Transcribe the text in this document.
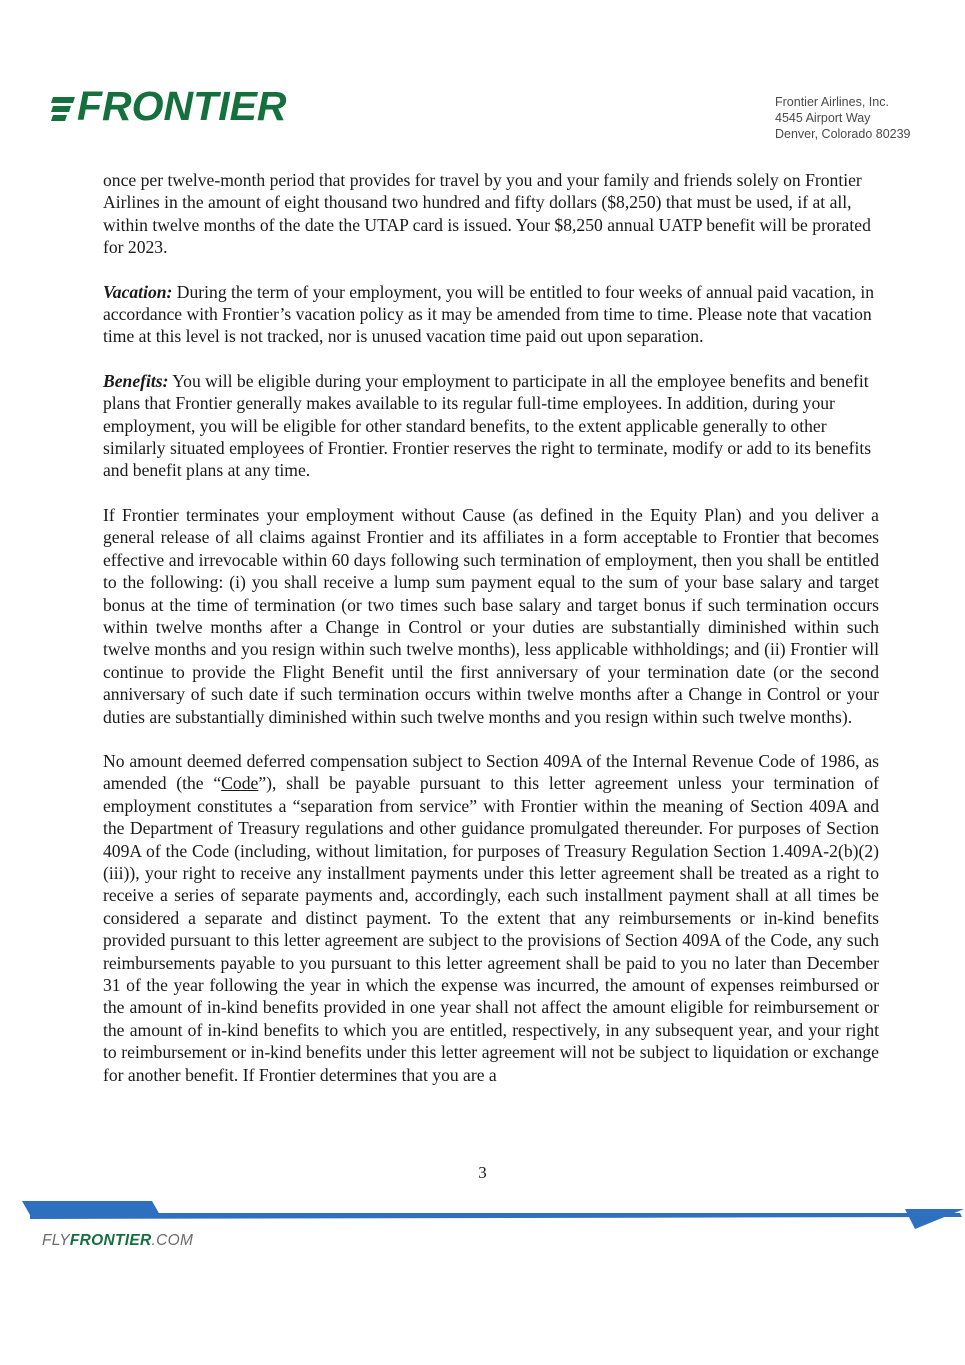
FRONTIER	Frontier Airlines, Inc.
4545 Airport Way
Denver, Colorado 80239

once per twelve-month period that provides for travel by you and your family and friends solely on Frontier Airlines in the amount of eight thousand two hundred and fifty dollars ($8,250) that must be used, if at all, within twelve months of the date the UTAP card is issued. Your $8,250 annual UATP benefit will be prorated for 2023.

Vacation: During the term of your employment, you will be entitled to four weeks of annual paid vacation, in accordance with Frontier’s vacation policy as it may be amended from time to time. Please note that vacation time at this level is not tracked, nor is unused vacation time paid out upon separation.

Benefits: You will be eligible during your employment to participate in all the employee benefits and benefit plans that Frontier generally makes available to its regular full-time employees. In addition, during your employment, you will be eligible for other standard benefits, to the extent applicable generally to other similarly situated employees of Frontier. Frontier reserves the right to terminate, modify or add to its benefits and benefit plans at any time.

If Frontier terminates your employment without Cause (as defined in the Equity Plan) and you deliver a general release of all claims against Frontier and its affiliates in a form acceptable to Frontier that becomes effective and irrevocable within 60 days following such termination of employment, then you shall be entitled to the following: (i) you shall receive a lump sum payment equal to the sum of your base salary and target bonus at the time of termination (or two times such base salary and target bonus if such termination occurs within twelve months after a Change in Control or your duties are substantially diminished within such twelve months and you resign within such twelve months), less applicable withholdings; and (ii) Frontier will continue to provide the Flight Benefit until the first anniversary of your termination date (or the second anniversary of such date if such termination occurs within twelve months after a Change in Control or your duties are substantially diminished within such twelve months and you resign within such twelve months).

No amount deemed deferred compensation subject to Section 409A of the Internal Revenue Code of 1986, as amended (the “Code”), shall be payable pursuant to this letter agreement unless your termination of employment constitutes a “separation from service” with Frontier within the meaning of Section 409A and the Department of Treasury regulations and other guidance promulgated thereunder. For purposes of Section 409A of the Code (including, without limitation, for purposes of Treasury Regulation Section 1.409A-2(b)(2)(iii)), your right to receive any installment payments under this letter agreement shall be treated as a right to receive a series of separate payments and, accordingly, each such installment payment shall at all times be considered a separate and distinct payment. To the extent that any reimbursements or in-kind benefits provided pursuant to this letter agreement are subject to the provisions of Section 409A of the Code, any such reimbursements payable to you pursuant to this letter agreement shall be paid to you no later than December 31 of the year following the year in which the expense was incurred, the amount of expenses reimbursed or the amount of in-kind benefits provided in one year shall not affect the amount eligible for reimbursement or the amount of in-kind benefits to which you are entitled, respectively, in any subsequent year, and your right to reimbursement or in-kind benefits under this letter agreement will not be subject to liquidation or exchange for another benefit. If Frontier determines that you are a

3
FLYFRONTIER.COM
